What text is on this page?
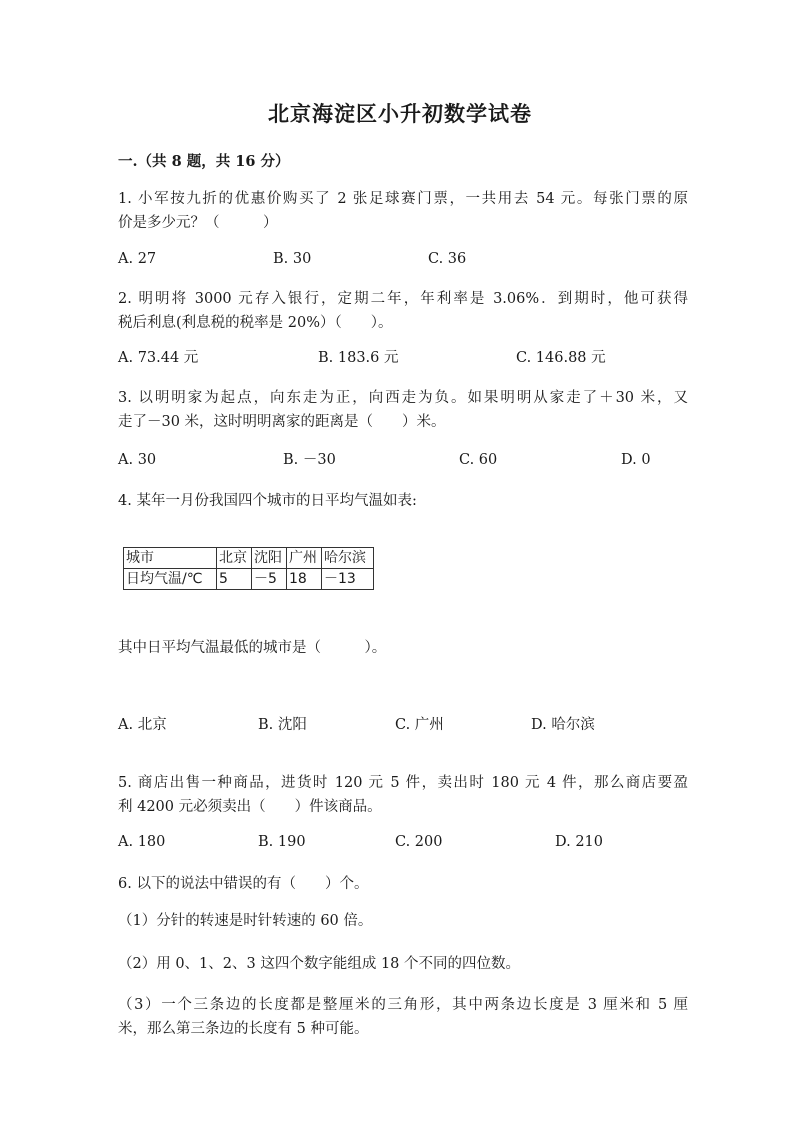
北京海淀区小升初数学试卷
一.（共 8 题，共 16 分）
1. 小军按九折的优惠价购买了 2 张足球赛门票，一共用去 54 元。每张门票的原
价是多少元？（　　　）
A. 27	B. 30	C. 36
2. 明明将 3000 元存入银行，定期二年，年利率是 3.06%．到期时，他可获得
税后利息(利息税的税率是 20%）（　　）。
A. 73.44 元	B. 183.6 元	C. 146.88 元
3. 以明明家为起点，向东走为正，向西走为负。如果明明从家走了＋30 米，又
走了－30 米，这时明明离家的距离是（　　）米。
A. 30	B. －30	C. 60	D. 0
4. 某年一月份我国四个城市的日平均气温如表:
城市	北京	沈阳	广州	哈尔滨
日均气温/℃	5	－5	18	－13
其中日平均气温最低的城市是（　　　）。
A. 北京	B. 沈阳	C. 广州	D. 哈尔滨
5. 商店出售一种商品，进货时 120 元 5 件，卖出时 180 元 4 件，那么商店要盈
利 4200 元必须卖出（　　）件该商品。
A. 180	B. 190	C. 200	D. 210
6. 以下的说法中错误的有（　　）个。
（1）分针的转速是时针转速的 60 倍。
（2）用 0、1、2、3 这四个数字能组成 18 个不同的四位数。
（3）一个三条边的长度都是整厘米的三角形，其中两条边长度是 3 厘米和 5 厘
米，那么第三条边的长度有 5 种可能。
